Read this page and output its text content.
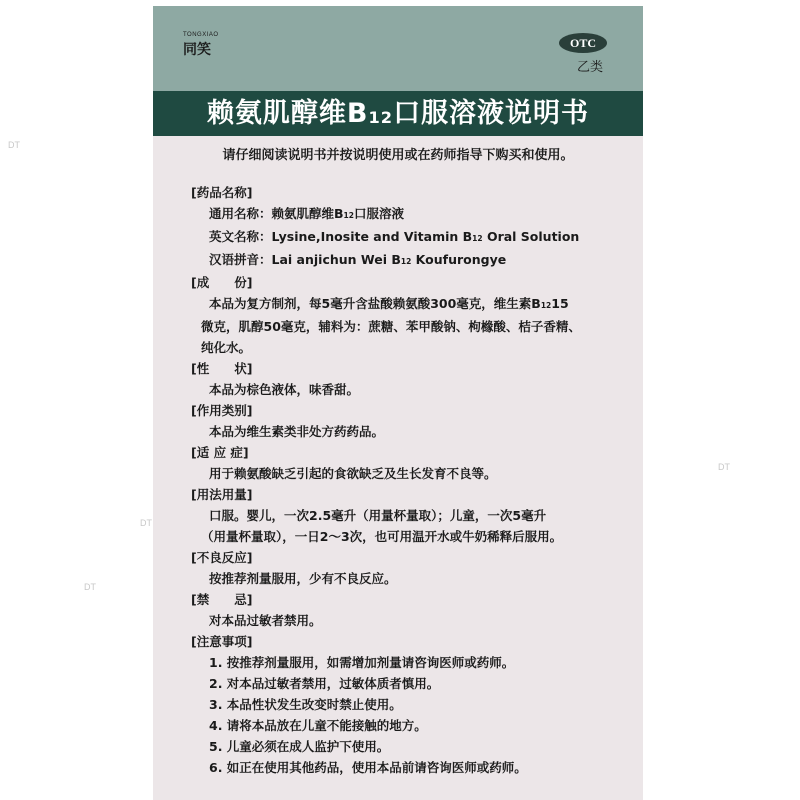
DT
DT
DT
DT
TONGXIAO
同笑	OTC
乙类
赖氨肌醇维$B_{12}$口服溶液说明书
请仔细阅读说明书并按说明使用或在药师指导下购买和使用。
[药品名称]
通用名称：赖氨肌醇维$B_{12}$口服溶液
英文名称：Lysine,Inosite and Vitamin $B_{12}$ Oral Solution
汉语拼音：Lai anjichun Wei $B_{12}$ Koufurongye
[成　　份]

本品为复方制剂，每5毫升含盐酸赖氨酸300毫克，维生素$B_{12}15$

微克，肌醇50毫克，辅料为：蔗糖、苯甲酸钠、枸橼酸、桔子香精、

纯化水。

[性　　状]
本品为棕色液体，味香甜。
[作用类别]
本品为维生素类非处方药药品。
[适 应 症]
用于赖氨酸缺乏引起的食欲缺乏及生长发育不良等。
[用法用量]

口服。婴儿，一次2.5毫升（用量杯量取）；儿童，一次5毫升

（用量杯量取），一日2～3次，也可用温开水或牛奶稀释后服用。

[不良反应]
按推荐剂量服用，少有不良反应。
[禁　　忌]
对本品过敏者禁用。
[注意事项]
1. 按推荐剂量服用，如需增加剂量请咨询医师或药师。
2. 对本品过敏者禁用，过敏体质者慎用。
3. 本品性状发生改变时禁止使用。
4. 请将本品放在儿童不能接触的地方。
5. 儿童必须在成人监护下使用。
6. 如正在使用其他药品，使用本品前请咨询医师或药师。
